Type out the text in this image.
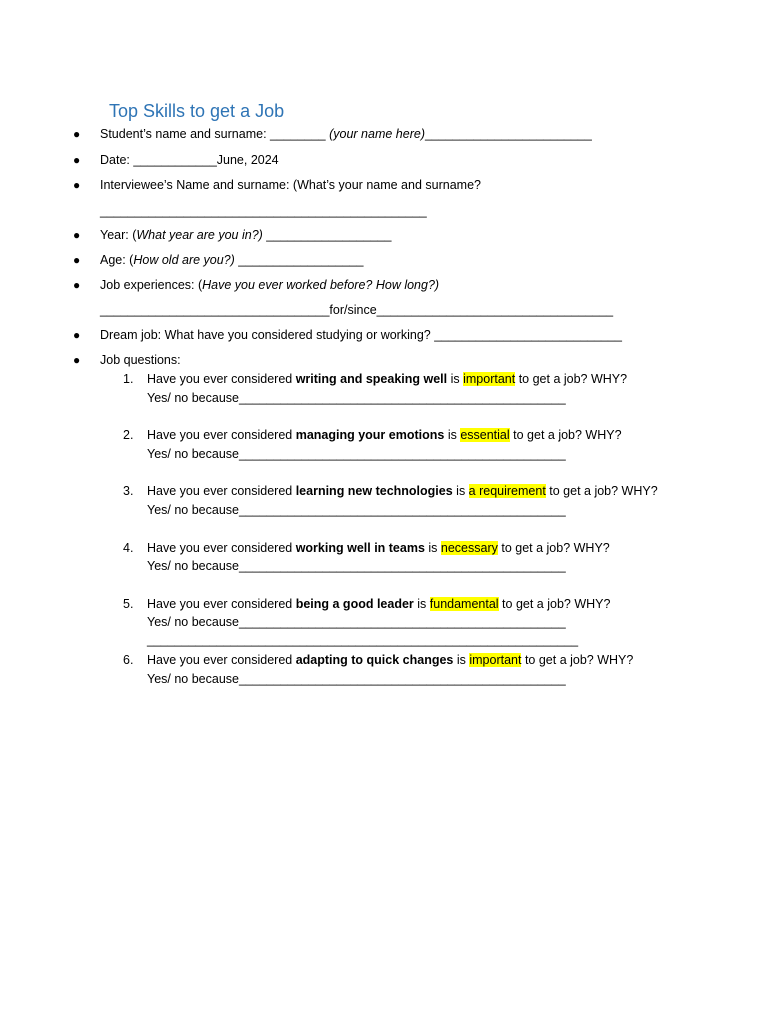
Top Skills to get a Job
● Student’s name and surname: ________ (your name here)________________________
● Date: ____________June, 2024
● Interviewee’s Name and surname: (What’s your name and surname?
_______________________________________________
● Year: (What year are you in?) __________________
● Age: (How old are you?) __________________
● Job experiences: (Have you ever worked before? How long?)
_________________________________for/since__________________________________
● Dream job: What have you considered studying or working? ___________________________
● Job questions:
1. Have you ever considered writing and speaking well is important to get a job? WHY?
Yes/ no because_______________________________________________
2. Have you ever considered managing your emotions is essential to get a job? WHY?
Yes/ no because_______________________________________________
3. Have you ever considered learning new technologies is a requirement to get a job? WHY?
Yes/ no because_______________________________________________
4. Have you ever considered working well in teams is necessary to get a job? WHY?
Yes/ no because_______________________________________________
5. Have you ever considered being a good leader is fundamental to get a job? WHY?
Yes/ no because_______________________________________________
______________________________________________________________
6. Have you ever considered adapting to quick changes is important to get a job? WHY?
Yes/ no because_______________________________________________
